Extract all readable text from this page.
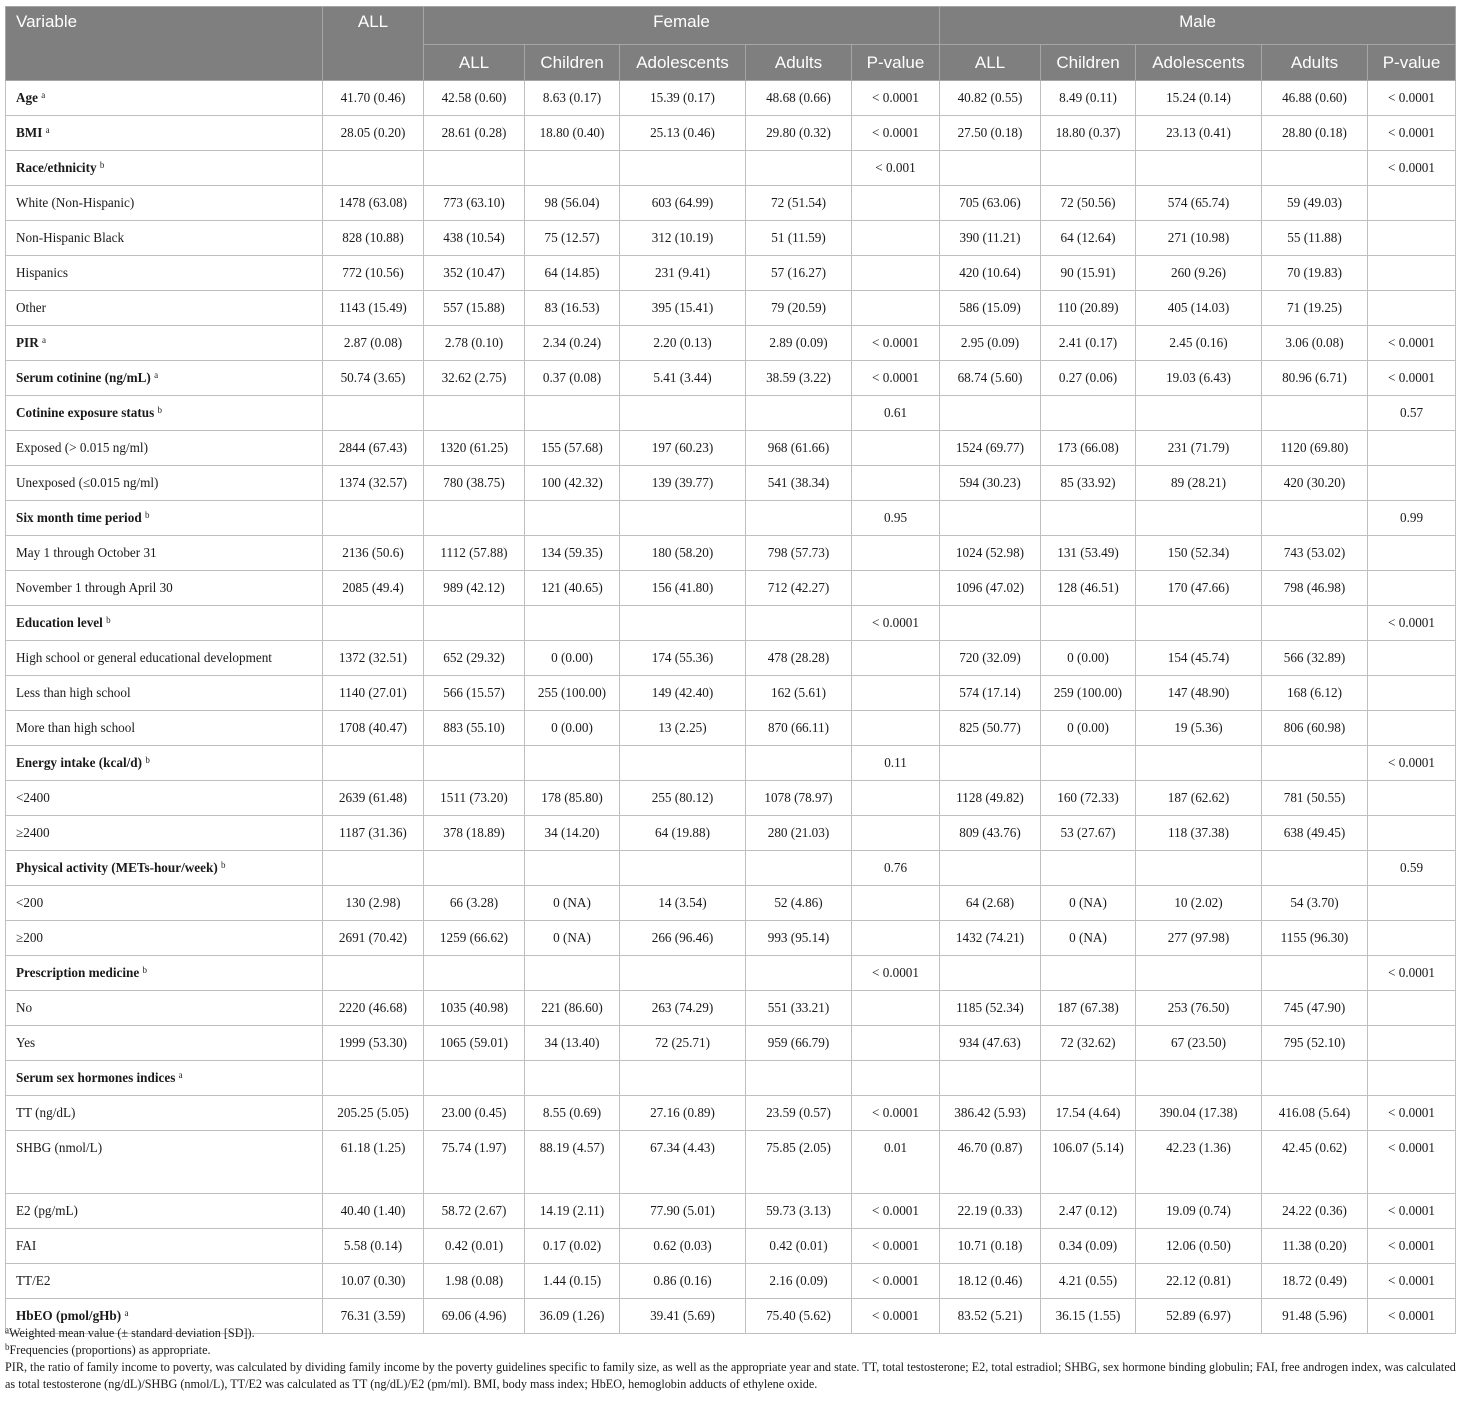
Variable	ALL	Female					Male				
		ALL	Children	Adolescents	Adults	P-value	ALL	Children	Adolescents	Adults	P-value
Age $^a$	41.70 (0.46)	42.58 (0.60)	8.63 (0.17)	15.39 (0.17)	48.68 (0.66)	< 0.0001	40.82 (0.55)	8.49 (0.11)	15.24 (0.14)	46.88 (0.60)	< 0.0001
BMI $^a$	28.05 (0.20)	28.61 (0.28)	18.80 (0.40)	25.13 (0.46)	29.80 (0.32)	< 0.0001	27.50 (0.18)	18.80 (0.37)	23.13 (0.41)	28.80 (0.18)	< 0.0001
Race/ethnicity $^b$						< 0.001					< 0.0001
White (Non-Hispanic)	1478 (63.08)	773 (63.10)	98 (56.04)	603 (64.99)	72 (51.54)		705 (63.06)	72 (50.56)	574 (65.74)	59 (49.03)	
Non-Hispanic Black	828 (10.88)	438 (10.54)	75 (12.57)	312 (10.19)	51 (11.59)		390 (11.21)	64 (12.64)	271 (10.98)	55 (11.88)	
Hispanics	772 (10.56)	352 (10.47)	64 (14.85)	231 (9.41)	57 (16.27)		420 (10.64)	90 (15.91)	260 (9.26)	70 (19.83)	
Other	1143 (15.49)	557 (15.88)	83 (16.53)	395 (15.41)	79 (20.59)		586 (15.09)	110 (20.89)	405 (14.03)	71 (19.25)	
PIR $^a$	2.87 (0.08)	2.78 (0.10)	2.34 (0.24)	2.20 (0.13)	2.89 (0.09)	< 0.0001	2.95 (0.09)	2.41 (0.17)	2.45 (0.16)	3.06 (0.08)	< 0.0001
Serum cotinine (ng/mL) $^a$	50.74 (3.65)	32.62 (2.75)	0.37 (0.08)	5.41 (3.44)	38.59 (3.22)	< 0.0001	68.74 (5.60)	0.27 (0.06)	19.03 (6.43)	80.96 (6.71)	< 0.0001
Cotinine exposure status $^b$						0.61					0.57
Exposed (> 0.015 ng/ml)	2844 (67.43)	1320 (61.25)	155 (57.68)	197 (60.23)	968 (61.66)		1524 (69.77)	173 (66.08)	231 (71.79)	1120 (69.80)	
Unexposed (≤0.015 ng/ml)	1374 (32.57)	780 (38.75)	100 (42.32)	139 (39.77)	541 (38.34)		594 (30.23)	85 (33.92)	89 (28.21)	420 (30.20)	
Six month time period $^b$						0.95					0.99
May 1 through October 31	2136 (50.6)	1112 (57.88)	134 (59.35)	180 (58.20)	798 (57.73)		1024 (52.98)	131 (53.49)	150 (52.34)	743 (53.02)	
November 1 through April 30	2085 (49.4)	989 (42.12)	121 (40.65)	156 (41.80)	712 (42.27)		1096 (47.02)	128 (46.51)	170 (47.66)	798 (46.98)	
Education level $^b$						< 0.0001					< 0.0001
High school or general educational development	1372 (32.51)	652 (29.32)	0 (0.00)	174 (55.36)	478 (28.28)		720 (32.09)	0 (0.00)	154 (45.74)	566 (32.89)	
Less than high school	1140 (27.01)	566 (15.57)	255 (100.00)	149 (42.40)	162 (5.61)		574 (17.14)	259 (100.00)	147 (48.90)	168 (6.12)	
More than high school	1708 (40.47)	883 (55.10)	0 (0.00)	13 (2.25)	870 (66.11)		825 (50.77)	0 (0.00)	19 (5.36)	806 (60.98)	
Energy intake (kcal/d) $^b$						0.11					< 0.0001
<2400	2639 (61.48)	1511 (73.20)	178 (85.80)	255 (80.12)	1078 (78.97)		1128 (49.82)	160 (72.33)	187 (62.62)	781 (50.55)	
≥2400	1187 (31.36)	378 (18.89)	34 (14.20)	64 (19.88)	280 (21.03)		809 (43.76)	53 (27.67)	118 (37.38)	638 (49.45)	
Physical activity (METs-hour/week) $^b$						0.76					0.59
<200	130 (2.98)	66 (3.28)	0 (NA)	14 (3.54)	52 (4.86)		64 (2.68)	0 (NA)	10 (2.02)	54 (3.70)	
≥200	2691 (70.42)	1259 (66.62)	0 (NA)	266 (96.46)	993 (95.14)		1432 (74.21)	0 (NA)	277 (97.98)	1155 (96.30)	
Prescription medicine $^b$						< 0.0001					< 0.0001
No	2220 (46.68)	1035 (40.98)	221 (86.60)	263 (74.29)	551 (33.21)		1185 (52.34)	187 (67.38)	253 (76.50)	745 (47.90)	
Yes	1999 (53.30)	1065 (59.01)	34 (13.40)	72 (25.71)	959 (66.79)		934 (47.63)	72 (32.62)	67 (23.50)	795 (52.10)	
Serum sex hormones indices $^a$											
TT (ng/dL)	205.25 (5.05)	23.00 (0.45)	8.55 (0.69)	27.16 (0.89)	23.59 (0.57)	< 0.0001	386.42 (5.93)	17.54 (4.64)	390.04 (17.38)	416.08 (5.64)	< 0.0001
SHBG (nmol/L)	61.18 (1.25)	75.74 (1.97)	88.19 (4.57)	67.34 (4.43)	75.85 (2.05)	0.01	46.70 (0.87)	106.07 (5.14)	42.23 (1.36)	42.45 (0.62)	< 0.0001
E2 (pg/mL)	40.40 (1.40)	58.72 (2.67)	14.19 (2.11)	77.90 (5.01)	59.73 (3.13)	< 0.0001	22.19 (0.33)	2.47 (0.12)	19.09 (0.74)	24.22 (0.36)	< 0.0001
FAI	5.58 (0.14)	0.42 (0.01)	0.17 (0.02)	0.62 (0.03)	0.42 (0.01)	< 0.0001	10.71 (0.18)	0.34 (0.09)	12.06 (0.50)	11.38 (0.20)	< 0.0001
TT/E2	10.07 (0.30)	1.98 (0.08)	1.44 (0.15)	0.86 (0.16)	2.16 (0.09)	< 0.0001	18.12 (0.46)	4.21 (0.55)	22.12 (0.81)	18.72 (0.49)	< 0.0001
HbEO (pmol/gHb) $^a$	76.31 (3.59)	69.06 (4.96)	36.09 (1.26)	39.41 (5.69)	75.40 (5.62)	< 0.0001	83.52 (5.21)	36.15 (1.55)	52.89 (6.97)	91.48 (5.96)	< 0.0001
$^a$Weighted mean value (± standard deviation [SD]).
$^b$Frequencies (proportions) as appropriate.
PIR, the ratio of family income to poverty, was calculated by dividing family income by the poverty guidelines specific to family size, as well as the appropriate year and state. TT, total testosterone; E2, total estradiol; SHBG, sex hormone binding globulin; FAI, free androgen index, was calculated as total testosterone (ng/dL)/SHBG (nmol/L), TT/E2 was calculated as TT (ng/dL)/E2 (pm/ml). BMI, body mass index; HbEO, hemoglobin adducts of ethylene oxide.
